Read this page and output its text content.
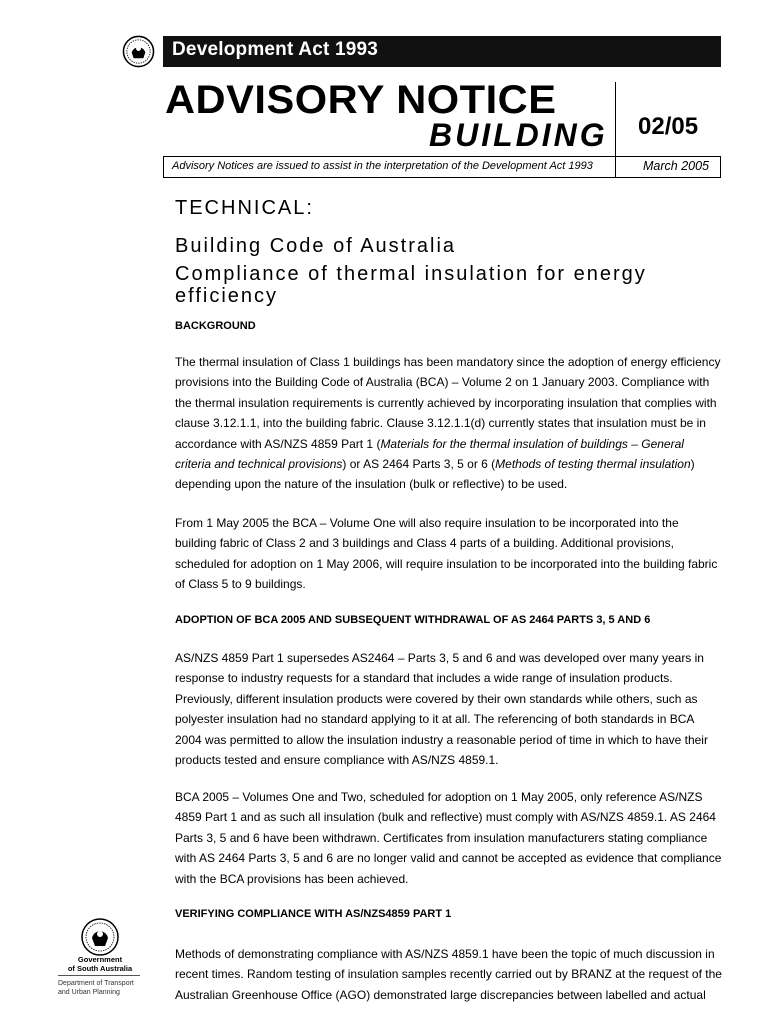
Development Act 1993
ADVISORY NOTICE
BUILDING 02/05
Advisory Notices are issued to assist in the interpretation of the Development Act 1993	March 2005
TECHNICAL:
Building Code of Australia
Compliance of thermal insulation for energy efficiency
BACKGROUND

The thermal insulation of Class 1 buildings has been mandatory since the adoption of energy efficiency provisions into the Building Code of Australia (BCA) – Volume 2 on 1 January 2003. Compliance with the thermal insulation requirements is currently achieved by incorporating insulation that complies with clause 3.12.1.1, into the building fabric. Clause 3.12.1.1(d) currently states that insulation must be in accordance with AS/NZS 4859 Part 1 (Materials for the thermal insulation of buildings – General criteria and technical provisions) or AS 2464 Parts 3, 5 or 6 (Methods of testing thermal insulation) depending upon the nature of the insulation (bulk or reflective) to be used.

From 1 May 2005 the BCA – Volume One will also require insulation to be incorporated into the building fabric of Class 2 and 3 buildings and Class 4 parts of a building. Additional provisions, scheduled for adoption on 1 May 2006, will require insulation to be incorporated into the building fabric of Class 5 to 9 buildings.

ADOPTION OF BCA 2005 AND SUBSEQUENT WITHDRAWAL OF AS 2464 PARTS 3, 5 AND 6

AS/NZS 4859 Part 1 supersedes AS2464 – Parts 3, 5 and 6 and was developed over many years in response to industry requests for a standard that includes a wide range of insulation products. Previously, different insulation products were covered by their own standards while others, such as polyester insulation had no standard applying to it at all. The referencing of both standards in BCA 2004 was permitted to allow the insulation industry a reasonable period of time in which to have their products tested and ensure compliance with AS/NZS 4859.1.

BCA 2005 – Volumes One and Two, scheduled for adoption on 1 May 2005, only reference AS/NZS 4859 Part 1 and as such all insulation (bulk and reflective) must comply with AS/NZS 4859.1. AS 2464 Parts 3, 5 and 6 have been withdrawn. Certificates from insulation manufacturers stating compliance with AS 2464 Parts 3, 5 and 6 are no longer valid and cannot be accepted as evidence that compliance with the BCA provisions has been achieved.

VERIFYING COMPLIANCE WITH AS/NZS4859 PART 1

Methods of demonstrating compliance with AS/NZS 4859.1 have been the topic of much discussion in recent times. Random testing of insulation samples recently carried out by BRANZ at the request of the Australian Greenhouse Office (AGO) demonstrated large discrepancies between labelled and actual

Government
of South Australia
Department of Transport
and Urban Planning
